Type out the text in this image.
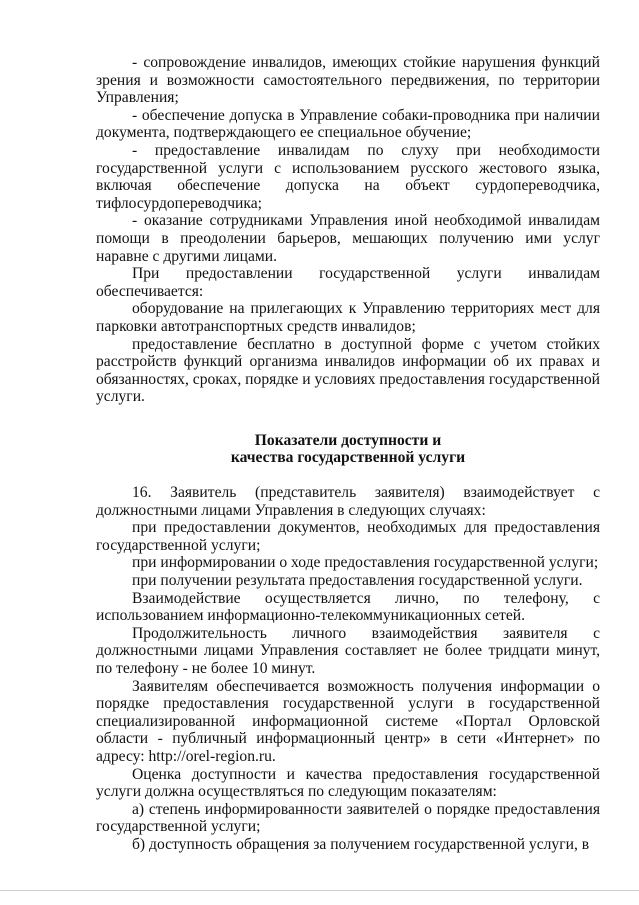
- сопровождение инвалидов, имеющих стойкие нарушения функций зрения и возможности самостоятельного передвижения, по территории Управления;

- обеспечение допуска в Управление собаки-проводника при наличии документа, подтверждающего ее специальное обучение;

- предоставление инвалидам по слуху при необходимости государственной услуги с использованием русского жестового языка, включая обеспечение допуска на объект сурдопереводчика, тифлосурдопереводчика;

- оказание сотрудниками Управления иной необходимой инвалидам помощи в преодолении барьеров, мешающих получению ими услуг наравне с другими лицами.

При предоставлении государственной услуги инвалидам обеспечивается:

оборудование на прилегающих к Управлению территориях мест для парковки автотранспортных средств инвалидов;

предоставление бесплатно в доступной форме с учетом стойких расстройств функций организма инвалидов информации об их правах и обязанностях, сроках, порядке и условиях предоставления государственной услуги.

Показатели доступности и

качества государственной услуги

16. Заявитель (представитель заявителя) взаимодействует с должностными лицами Управления в следующих случаях:

при предоставлении документов, необходимых для предоставления государственной услуги;

при информировании о ходе предоставления государственной услуги;

при получении результата предоставления государственной услуги.

Взаимодействие осуществляется лично, по телефону, с использованием информационно-телекоммуникационных сетей.

Продолжительность личного взаимодействия заявителя с должностными лицами Управления составляет не более тридцати минут, по телефону - не более 10 минут.

Заявителям обеспечивается возможность получения информации о порядке предоставления государственной услуги в государственной специализированной информационной системе «Портал Орловской области - публичный информационный центр» в сети «Интернет» по адресу: http://orel-region.ru.

Оценка доступности и качества предоставления государственной услуги должна осуществляться по следующим показателям:

а) степень информированности заявителей о порядке предоставления государственной услуги;

б) доступность обращения за получением государственной услуги, в
